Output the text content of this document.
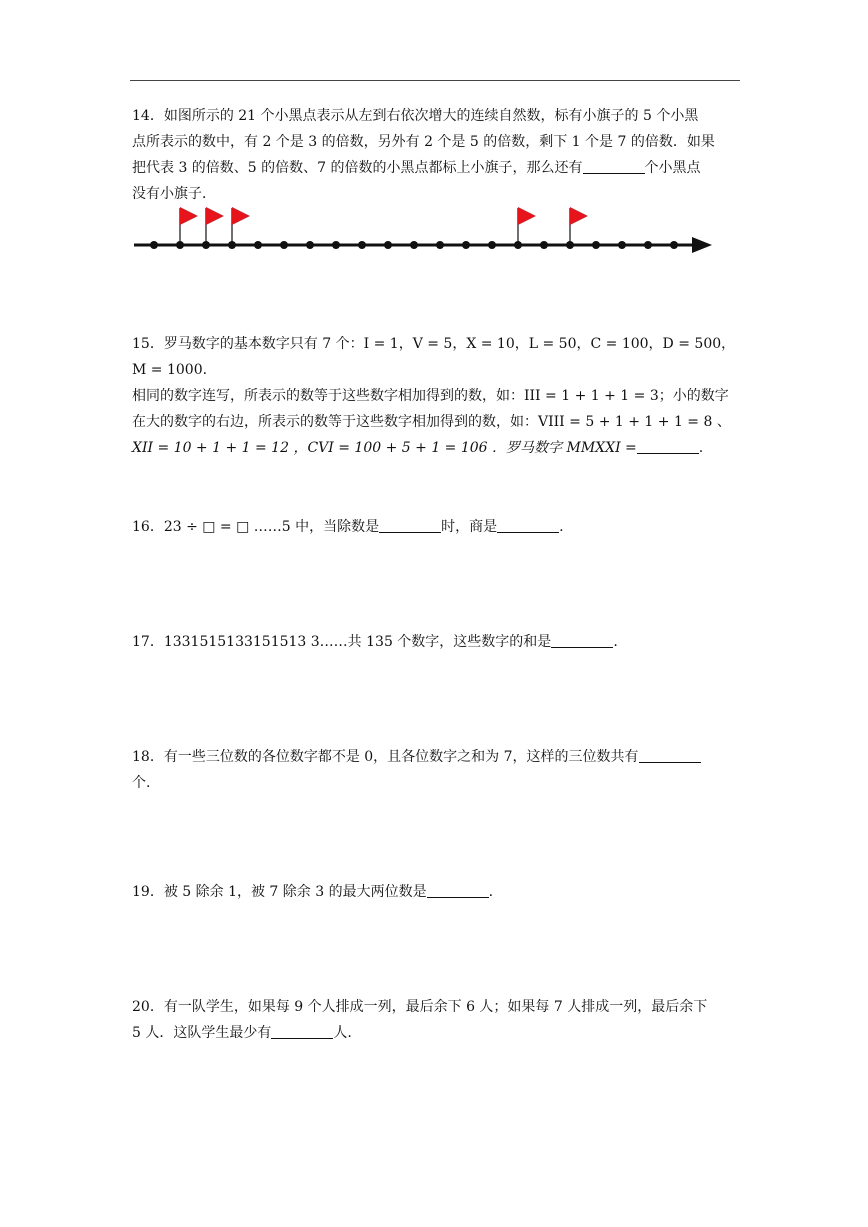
14．如图所示的 21 个小黑点表示从左到右依次增大的连续自然数，标有小旗子的 5 个小黑

点所表示的数中，有 2 个是 3 的倍数，另外有 2 个是 5 的倍数，剩下 1 个是 7 的倍数．如果

把代表 3 的倍数、5 的倍数、7 的倍数的小黑点都标上小旗子，那么还有	个小黑点

没有小旗子．

15．罗马数字的基本数字只有 7 个：I = 1，V = 5，X = 10，L = 50，C = 100，D = 500，M = 1000.

相同的数字连写，所表示的数等于这些数字相加得到的数，如：III = 1 + 1 + 1 = 3；小的数字

在大的数字的右边，所表示的数等于这些数字相加得到的数，如：VIII = 5 + 1 + 1 + 1 = 8 、

XII = 10 + 1 + 1 = 12 ，CVI = 100 + 5 + 1 = 106 ．罗马数字 MMXXI =	.

16．23 ÷ □ = □ ……5 中，当除数是	时，商是	.

17．1331515133151513 3……共 135 个数字，这些数字的和是	.

18．有一些三位数的各位数字都不是 0，且各位数字之和为 7，这样的三位数共有

个.

19．被 5 除余 1，被 7 除余 3 的最大两位数是	.

20．有一队学生，如果每 9 个人排成一列，最后余下 6 人；如果每 7 人排成一列，最后余下

5 人．这队学生最少有	人.
